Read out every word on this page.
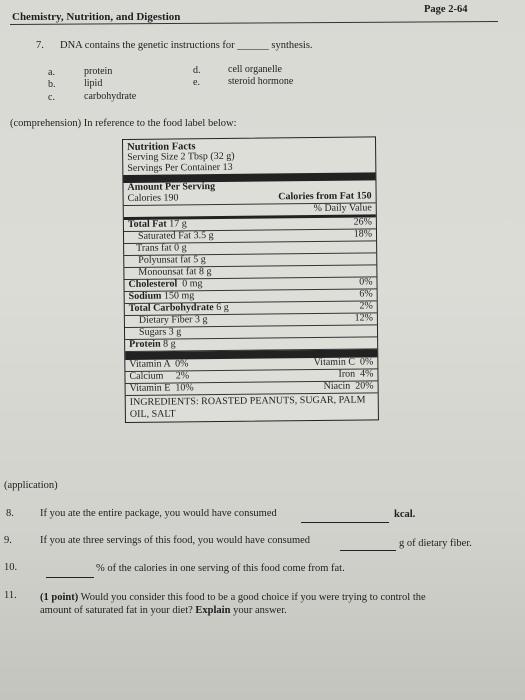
Chemistry, Nutrition, and Digestion
Page 2-64
7. DNA contains the genetic instructions for ______ synthesis.
a.	protein
b.	lipid
c.	carbohydrate
d.	cell organelle
e.	steroid hormone
(comprehension) In reference to the food label below:
Nutrition Facts
Serving Size 2 Tbsp (32 g)
Servings Per Container 13
Amount Per Serving
Calories 190	Calories from Fat 150
% Daily Value
Total Fat 17 g	26%
Saturated Fat 3.5 g	18%
Trans fat 0 g
Polyunsat fat 5 g
Monounsat fat 8 g
Cholesterol  0 mg	0%
Sodium 150 mg	6%
Total Carbohydrate 6 g	2%
Dietary Fiber 3 g	12%
Sugars 3 g
Protein 8 g
Vitamin A  0%	Vitamin C  0%
Calcium     2%	Iron  4%
Vitamin E  10%	Niacin  20%
INGREDIENTS: ROASTED PEANUTS, SUGAR, PALM OIL, SALT
(application)
8. If you ate the entire package, you would have consumed	kcal.
9.	If you ate three servings of this food, you would have consumed	g of dietary fiber.
10.	% of the calories in one serving of this food come from fat.
11. (1 point) Would you consider this food to be a good choice if you were trying to control the
amount of saturated fat in your diet? Explain your answer.
